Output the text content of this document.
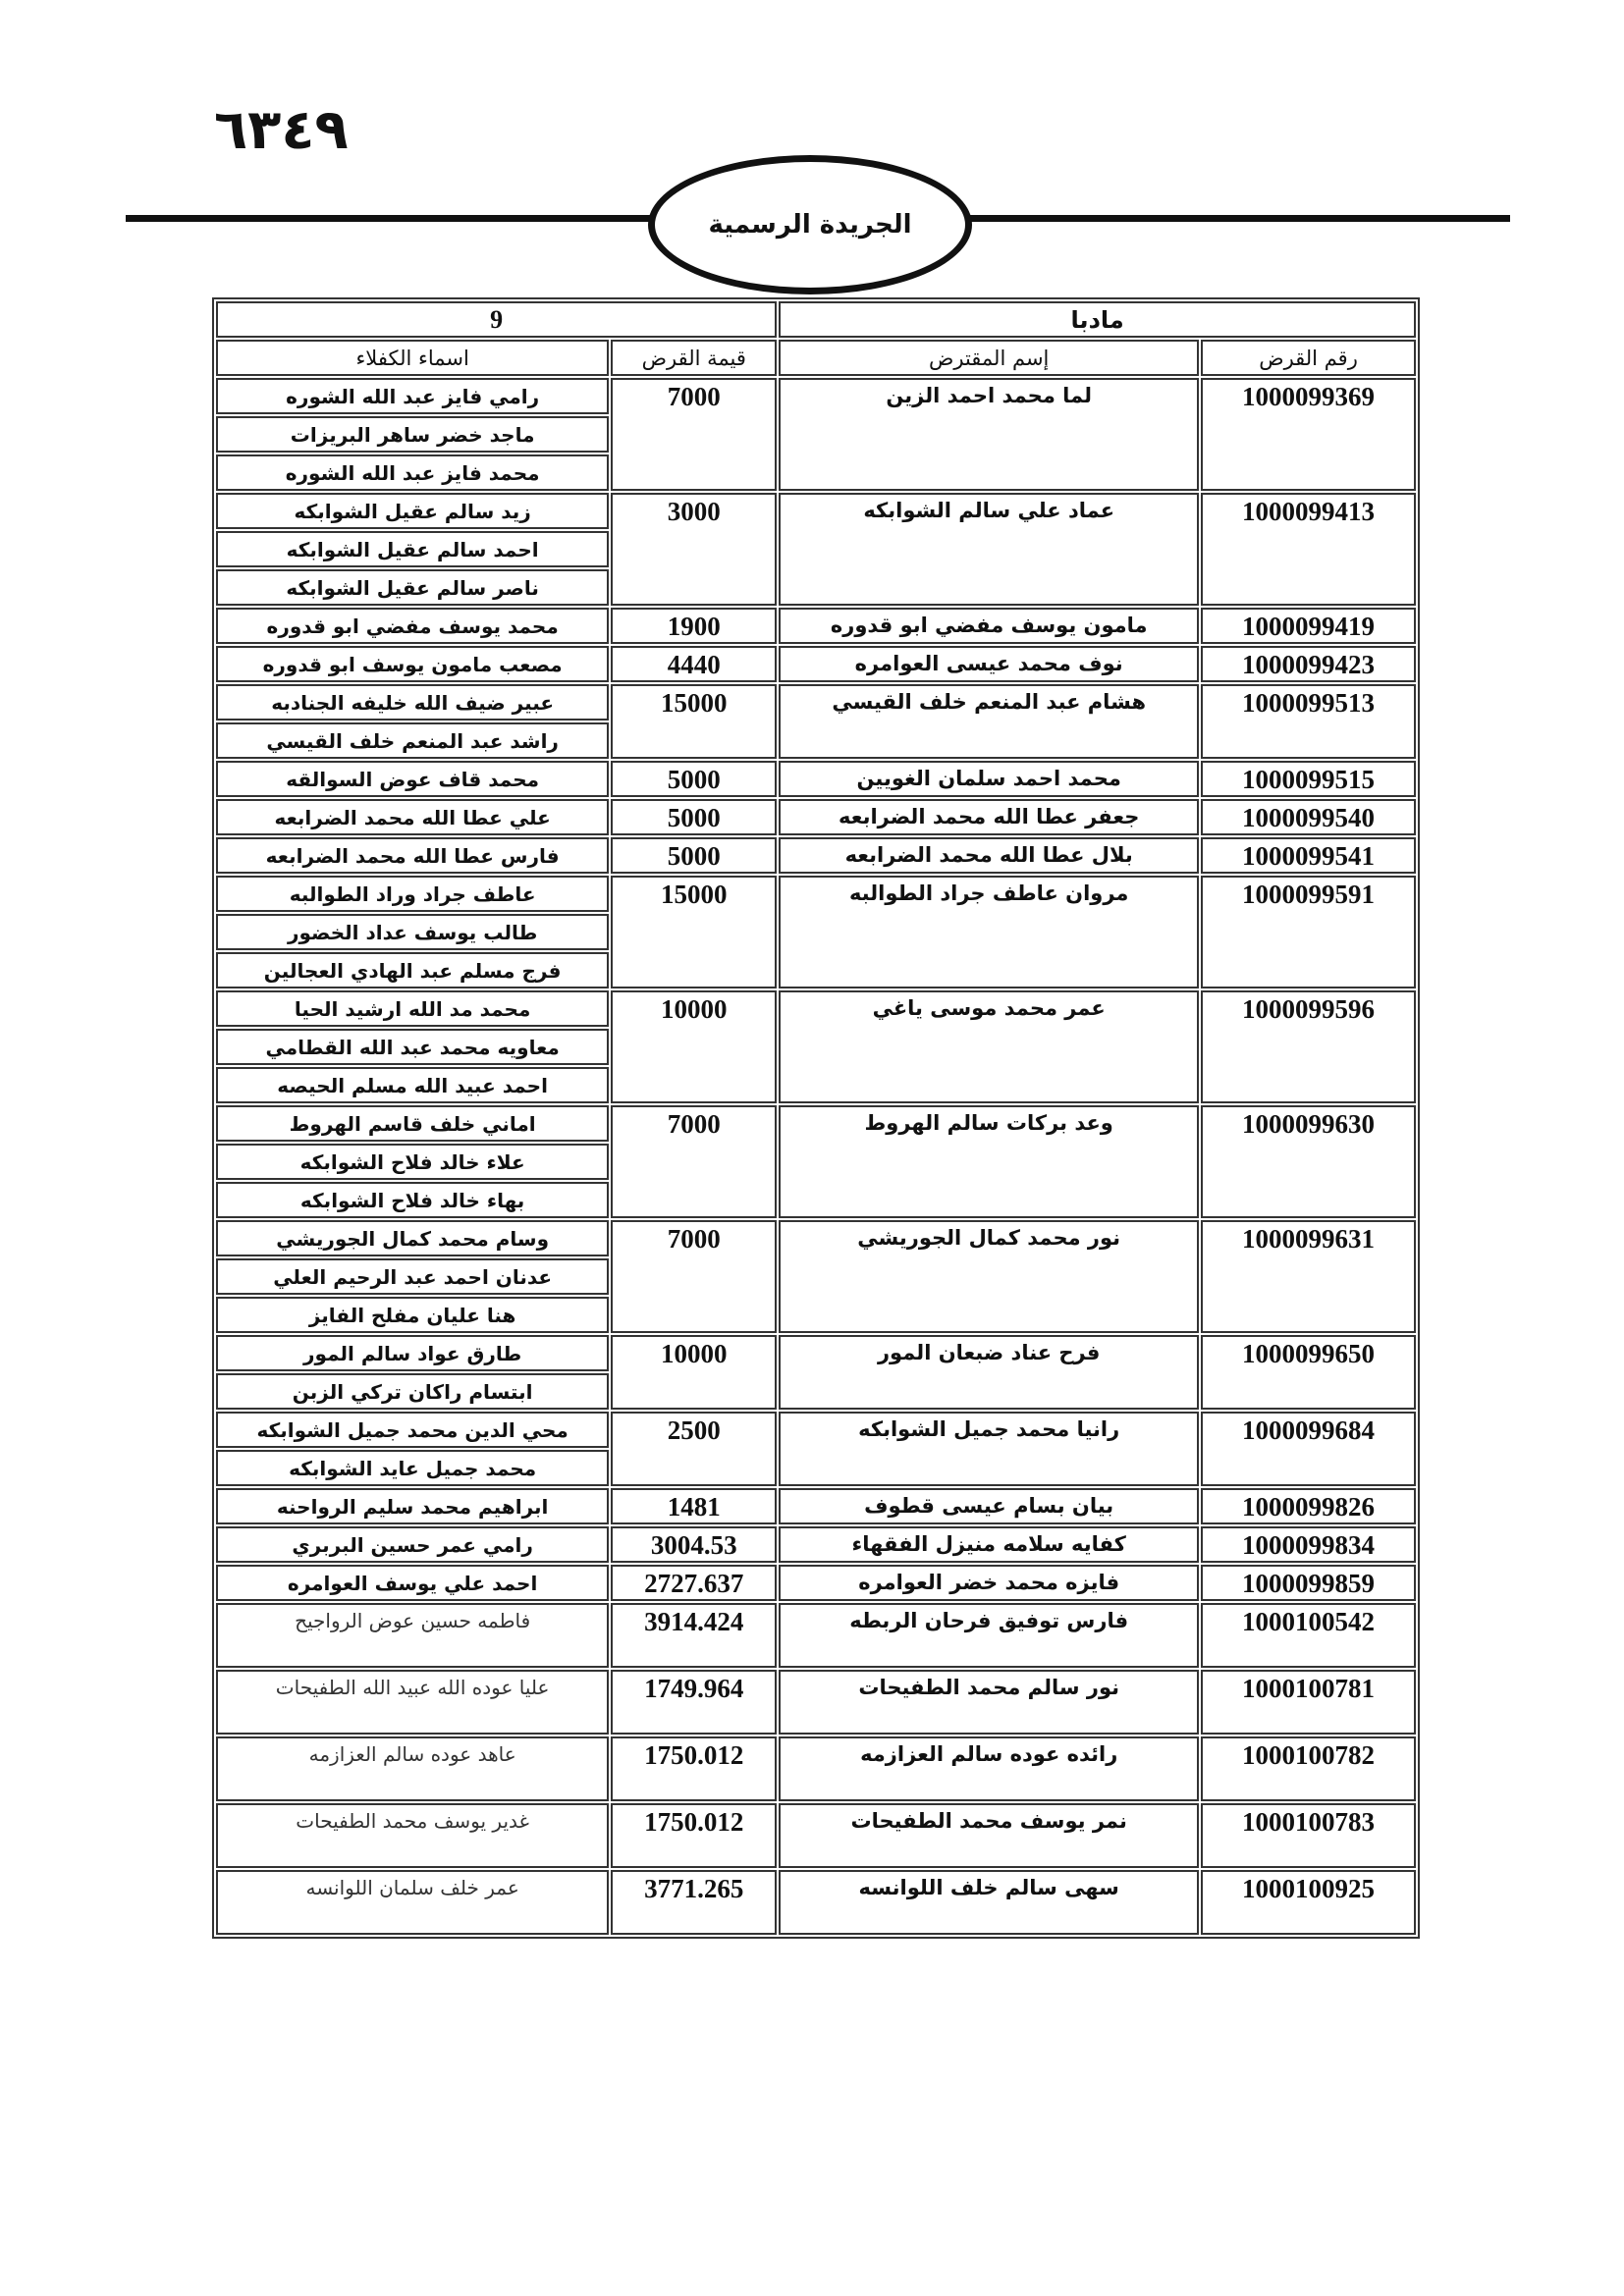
٦٣٤٩
الجريدة الرسمية
مادبا		9	
رقم القرض	إسم المقترض	قيمة القرض	اسماء الكفلاء
1000099369	لما محمد احمد الزين	7000	رامي فايز عبد الله الشوره
			ماجد خضر ساهر البريزات
			محمد فايز عبد الله الشوره
1000099413	عماد علي سالم الشوابكه	3000	زيد سالم عقيل الشوابكه
			احمد سالم عقيل الشوابكه
			ناصر سالم عقيل الشوابكه
1000099419	مامون يوسف مفضي ابو قدوره	1900	محمد يوسف مفضي ابو قدوره
1000099423	نوف محمد عيسى العوامره	4440	مصعب مامون يوسف ابو قدوره
1000099513	هشام عبد المنعم خلف القيسي	15000	عبير ضيف الله خليفه الجنادبه
			راشد عبد المنعم خلف القيسي
1000099515	محمد احمد سلمان الغويين	5000	محمد قاف عوض السوالقه
1000099540	جعفر عطا الله محمد الضرابعه	5000	علي عطا الله محمد الضرابعه
1000099541	بلال عطا الله محمد الضرابعه	5000	فارس عطا الله محمد الضرابعه
1000099591	مروان عاطف جراد الطوالبه	15000	عاطف جراد وراد الطوالبه
			طالب يوسف عداد الخضور
			فرج مسلم عبد الهادي العجالين
1000099596	عمر محمد موسى ياغي	10000	محمد مد الله ارشيد الحيا
			معاويه محمد عبد الله القطامي
			احمد عبيد الله مسلم الحيصه
1000099630	وعد بركات سالم الهروط	7000	اماني خلف قاسم الهروط
			علاء خالد فلاح الشوابكه
			بهاء خالد فلاح الشوابكه
1000099631	نور محمد كمال الجوريشي	7000	وسام محمد كمال الجوريشي
			عدنان احمد عبد الرحيم العلي
			هنا عليان مفلح الفايز
1000099650	فرح عناد ضبعان المور	10000	طارق عواد سالم المور
			ابتسام راكان تركي الزبن
1000099684	رانيا محمد جميل الشوابكه	2500	محي الدين محمد جميل الشوابكه
			محمد جميل عايد الشوابكه
1000099826	بيان بسام عيسى قطوف	1481	ابراهيم محمد سليم الرواحنه
1000099834	كفايه سلامه منيزل الفقهاء	3004.53	رامي عمر حسين البربري
1000099859	فايزه محمد خضر العوامره	2727.637	احمد علي يوسف العوامره
1000100542	فارس توفيق فرحان الربطه	3914.424	فاطمه حسين عوض الرواجيح
1000100781	نور سالم محمد الطفيحات	1749.964	عليا عوده الله عبيد الله الطفيحات
1000100782	رائده عوده سالم العزازمه	1750.012	عاهد عوده سالم العزازمه
1000100783	نمر يوسف محمد الطفيحات	1750.012	غدير يوسف محمد الطفيحات
1000100925	سهى سالم خلف اللوانسه	3771.265	عمر خلف سلمان اللوانسه
